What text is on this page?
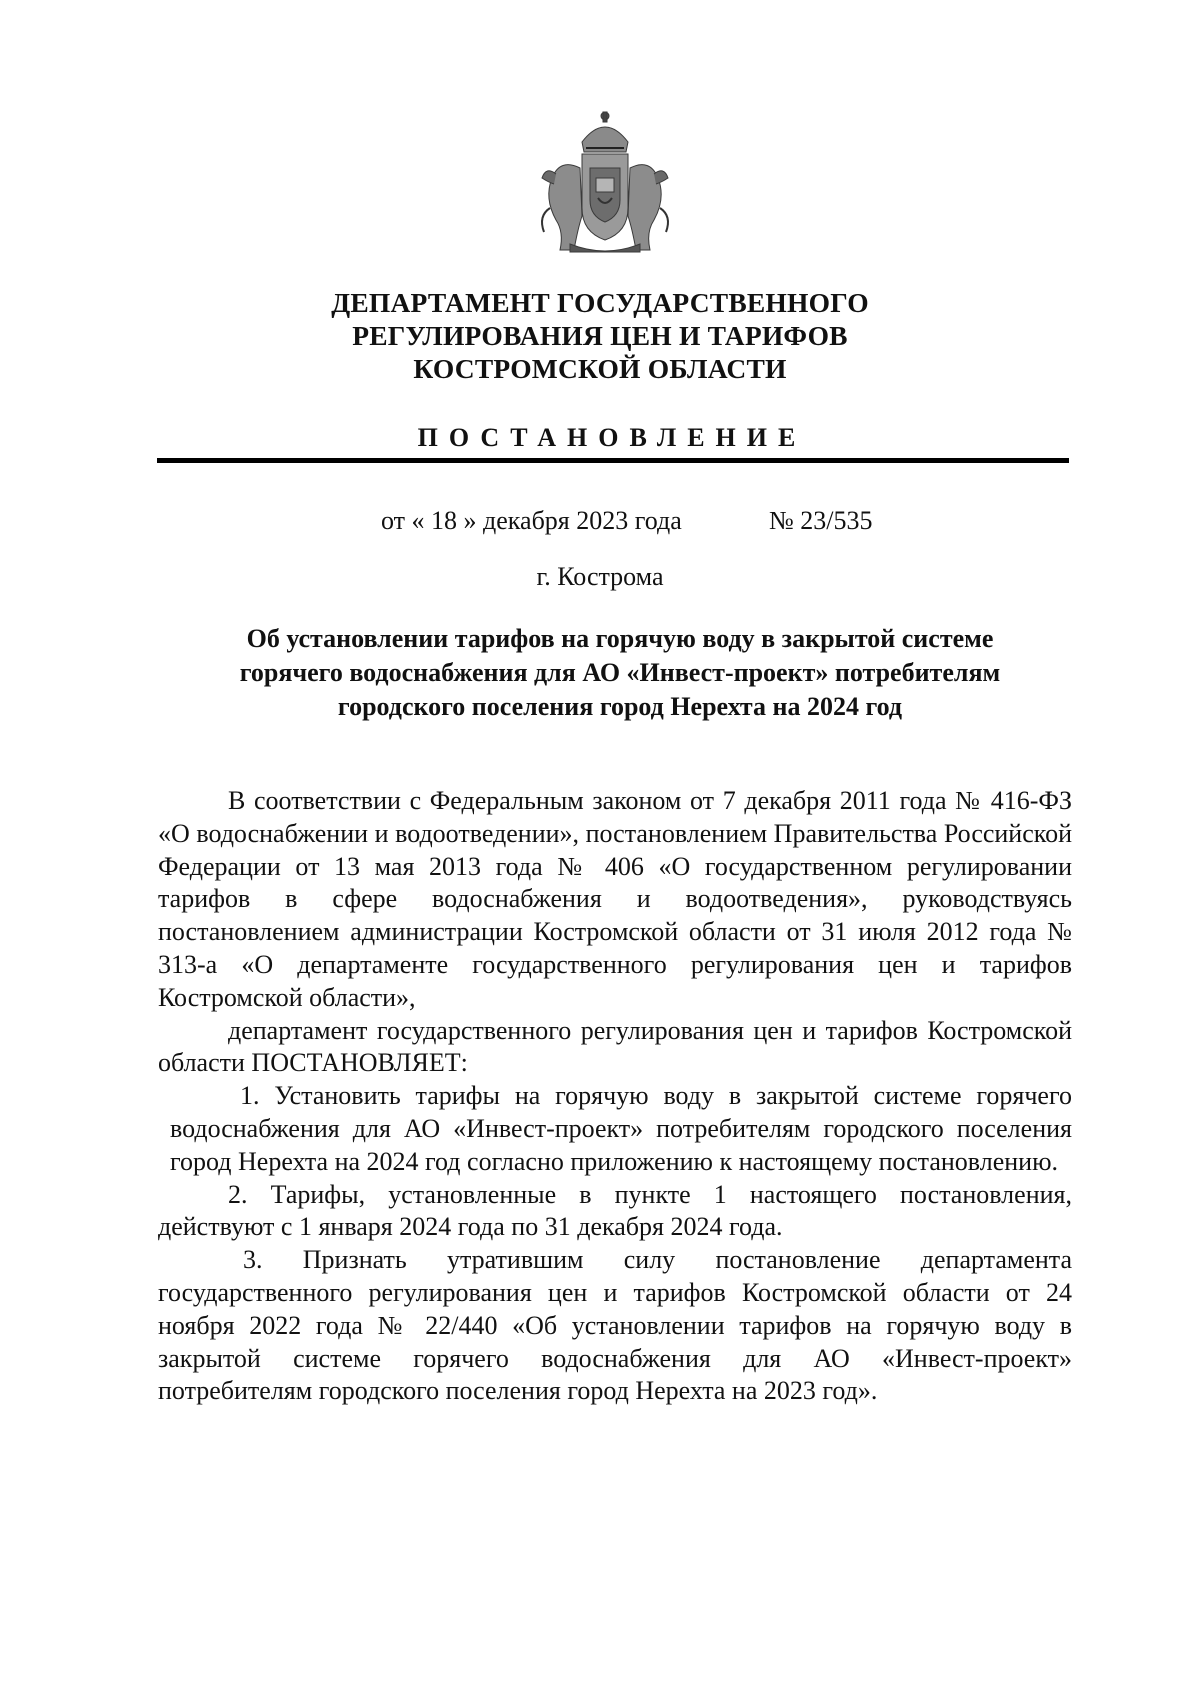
ДЕПАРТАМЕНТ ГОСУДАРСТВЕННОГО
РЕГУЛИРОВАНИЯ ЦЕН И ТАРИФОВ
КОСТРОМСКОЙ ОБЛАСТИ
ПОСТАНОВЛЕНИЕ
от « 18 » декабря 2023 года	№ 23/535
г. Кострома
Об установлении тарифов на горячую воду в закрытой системе
горячего водоснабжения для АО «Инвест-проект» потребителям
городского поселения город Нерехта на 2024 год

В соответствии с Федеральным законом от 7 декабря 2011 года № 416-ФЗ «О водоснабжении и водоотведении», постановлением Правительства Российской Федерации от 13 мая 2013 года № 406 «О государственном регулировании тарифов в сфере водоснабжения и водоотведения», руководствуясь постановлением администрации Костромской области от 31 июля 2012 года № 313-а «О департаменте государственного регулирования цен и тарифов Костромской области»,

департамент государственного регулирования цен и тарифов Костромской области ПОСТАНОВЛЯЕТ:

1. Установить тарифы на горячую воду в закрытой системе горячего водоснабжения для АО «Инвест-проект» потребителям городского поселения город Нерехта на 2024 год согласно приложению к настоящему постановлению.

2. Тарифы, установленные в пункте 1 настоящего постановления, действуют с 1 января 2024 года по 31 декабря 2024 года.

3. Признать утратившим силу постановление департамента государственного регулирования цен и тарифов Костромской области от 24 ноября 2022 года № 22/440 «Об установлении тарифов на горячую воду в закрытой системе горячего водоснабжения для АО «Инвест-проект» потребителям городского поселения город Нерехта на 2023 год».
